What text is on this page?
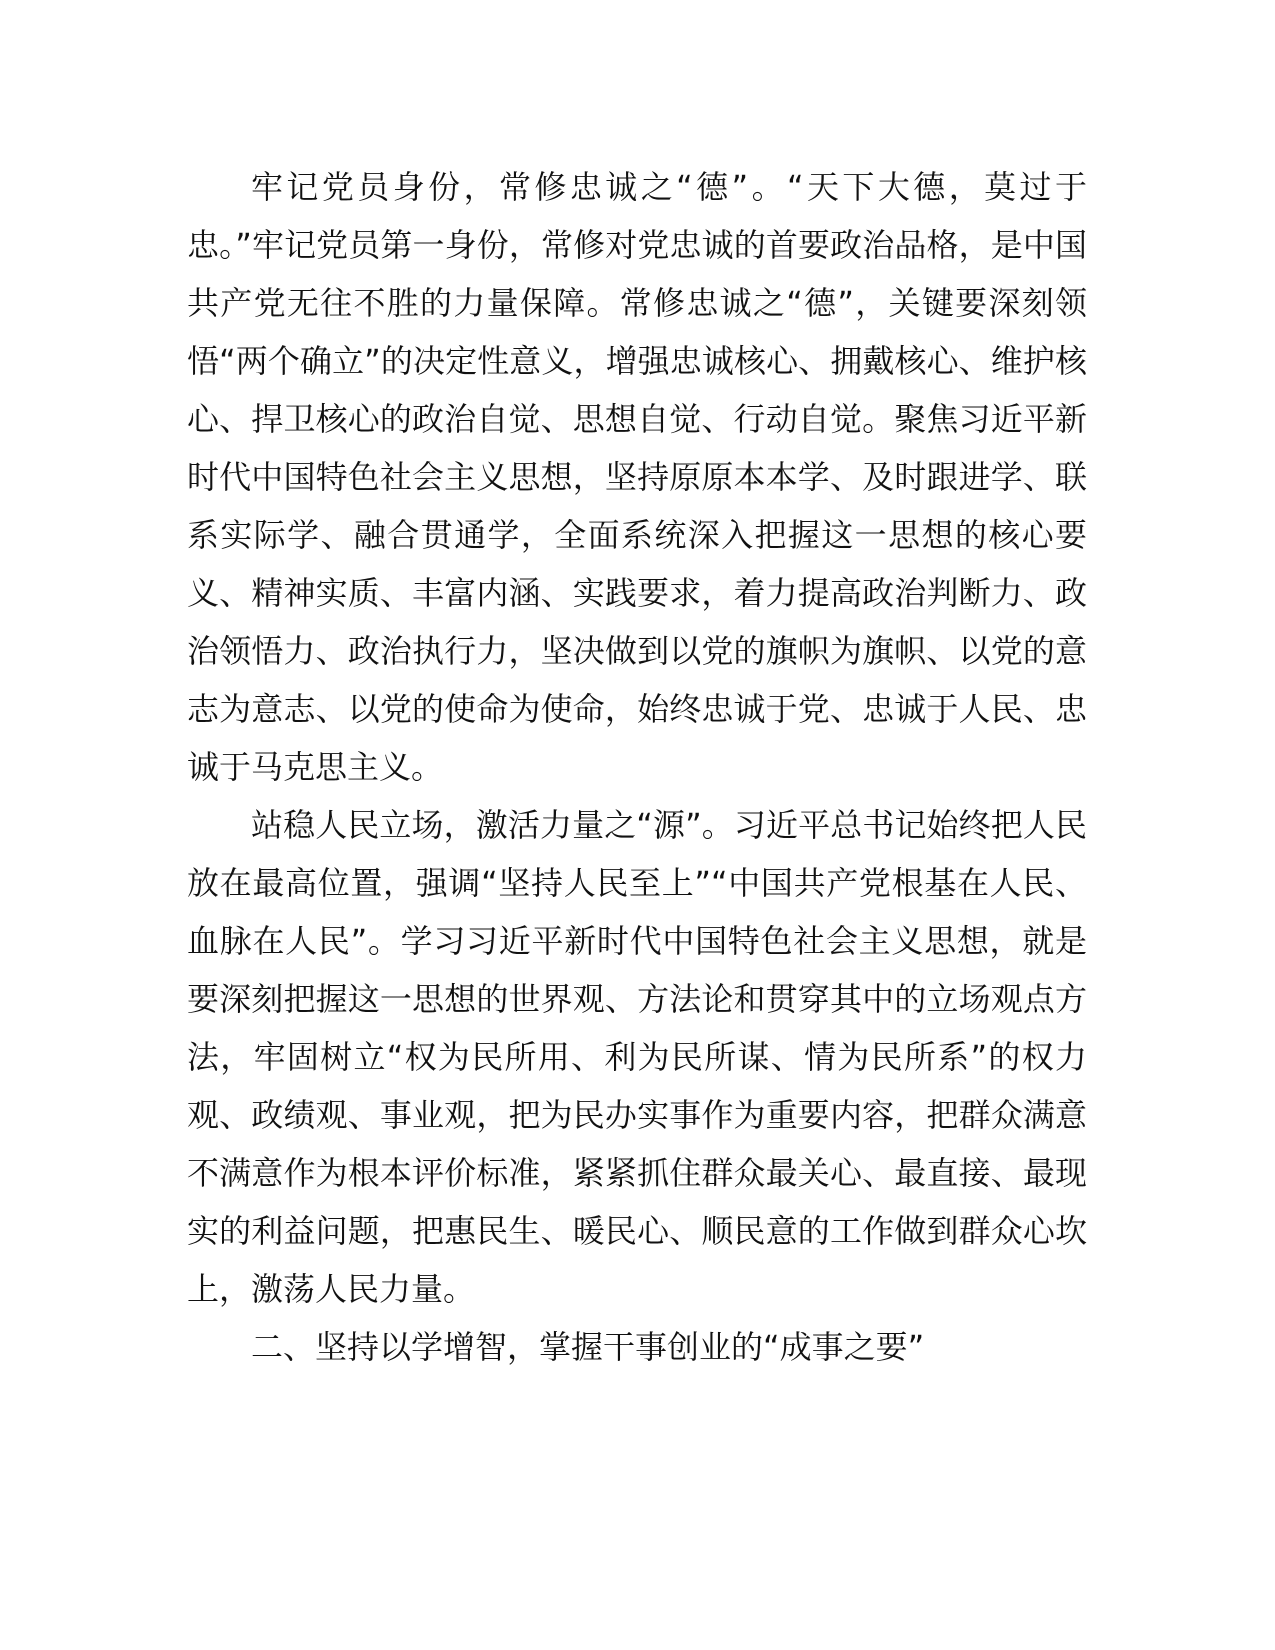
牢记党员身份，常修忠诚之“德”。“天下大德，莫过于忠。”牢记党员第一身份，常修对党忠诚的首要政治品格，是中国共产党无往不胜的力量保障。常修忠诚之“德”，关键要深刻领悟“两个确立”的决定性意义，增强忠诚核心、拥戴核心、维护核心、捍卫核心的政治自觉、思想自觉、行动自觉。聚焦习近平新时代中国特色社会主义思想，坚持原原本本学、及时跟进学、联系实际学、融合贯通学，全面系统深入把握这一思想的核心要义、精神实质、丰富内涵、实践要求，着力提高政治判断力、政治领悟力、政治执行力，坚决做到以党的旗帜为旗帜、以党的意志为意志、以党的使命为使命，始终忠诚于党、忠诚于人民、忠诚于马克思主义。

站稳人民立场，激活力量之“源”。习近平总书记始终把人民放在最高位置，强调“坚持人民至上”“中国共产党根基在人民、血脉在人民”。学习习近平新时代中国特色社会主义思想，就是要深刻把握这一思想的世界观、方法论和贯穿其中的立场观点方法，牢固树立“权为民所用、利为民所谋、情为民所系”的权力观、政绩观、事业观，把为民办实事作为重要内容，把群众满意不满意作为根本评价标准，紧紧抓住群众最关心、最直接、最现实的利益问题，把惠民生、暖民心、顺民意的工作做到群众心坎上，激荡人民力量。

二、坚持以学增智，掌握干事创业的“成事之要”
